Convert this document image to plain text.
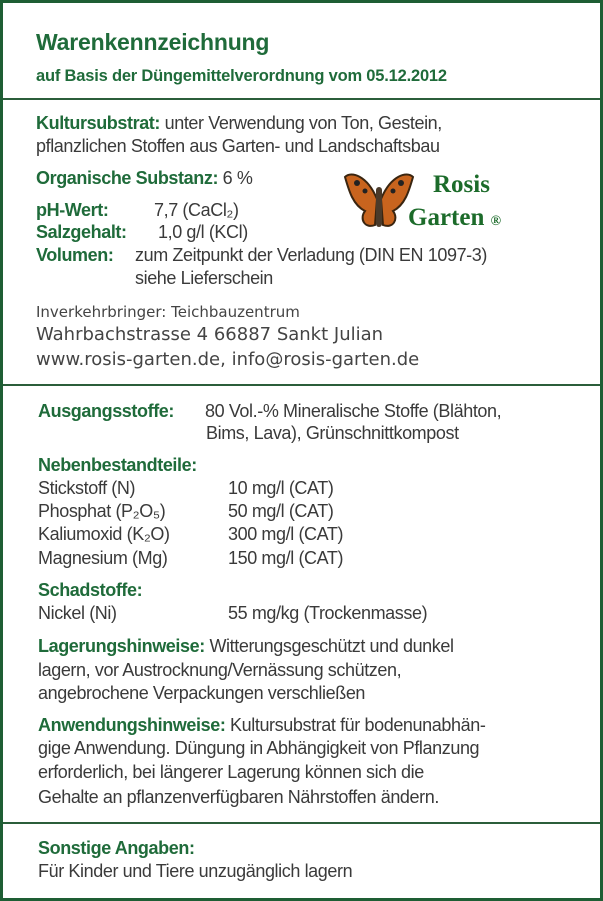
Warenkennzeichnung
auf Basis der Düngemittelverordnung vom 05.12.2012
Kultursubstrat: unter Verwendung von Ton, Gestein,
pflanzlichen Stoffen aus Garten- und Landschaftsbau
Organische Substanz: 6 %
pH-Wert:	7,7 (CaCl₂)
Salzgehalt: 1,0 g/l (KCl)
Volumen: zum Zeitpunkt der Verladung (DIN EN 1097-3)
siehe Lieferschein
Rosis
Garten ®
Inverkehrbringer: Teichbauzentrum
Wahrbachstrasse 4 66887 Sankt Julian
www.rosis-garten.de, info@rosis-garten.de
Ausgangsstoffe: 80 Vol.-% Mineralische Stoffe (Blähton,
Bims, Lava), Grünschnittkompost
Nebenbestandteile:
Stickstoff (N)	10 mg/l (CAT)
Phosphat (P₂O₅)	50 mg/l (CAT)
Kaliumoxid (K₂O)	300 mg/l (CAT)
Magnesium (Mg)	150 mg/l (CAT)
Schadstoffe:
Nickel (Ni)	55 mg/kg (Trockenmasse)
Lagerungshinweise: Witterungsgeschützt und dunkel
lagern, vor Austrocknung/Vernässung schützen,
angebrochene Verpackungen verschließen
Anwendungshinweise: Kultursubstrat für bodenunabhän-
gige Anwendung. Düngung in Abhängigkeit von Pflanzung
erforderlich, bei längerer Lagerung können sich die
Gehalte an pflanzenverfügbaren Nährstoffen ändern.
Sonstige Angaben:
Für Kinder und Tiere unzugänglich lagern
